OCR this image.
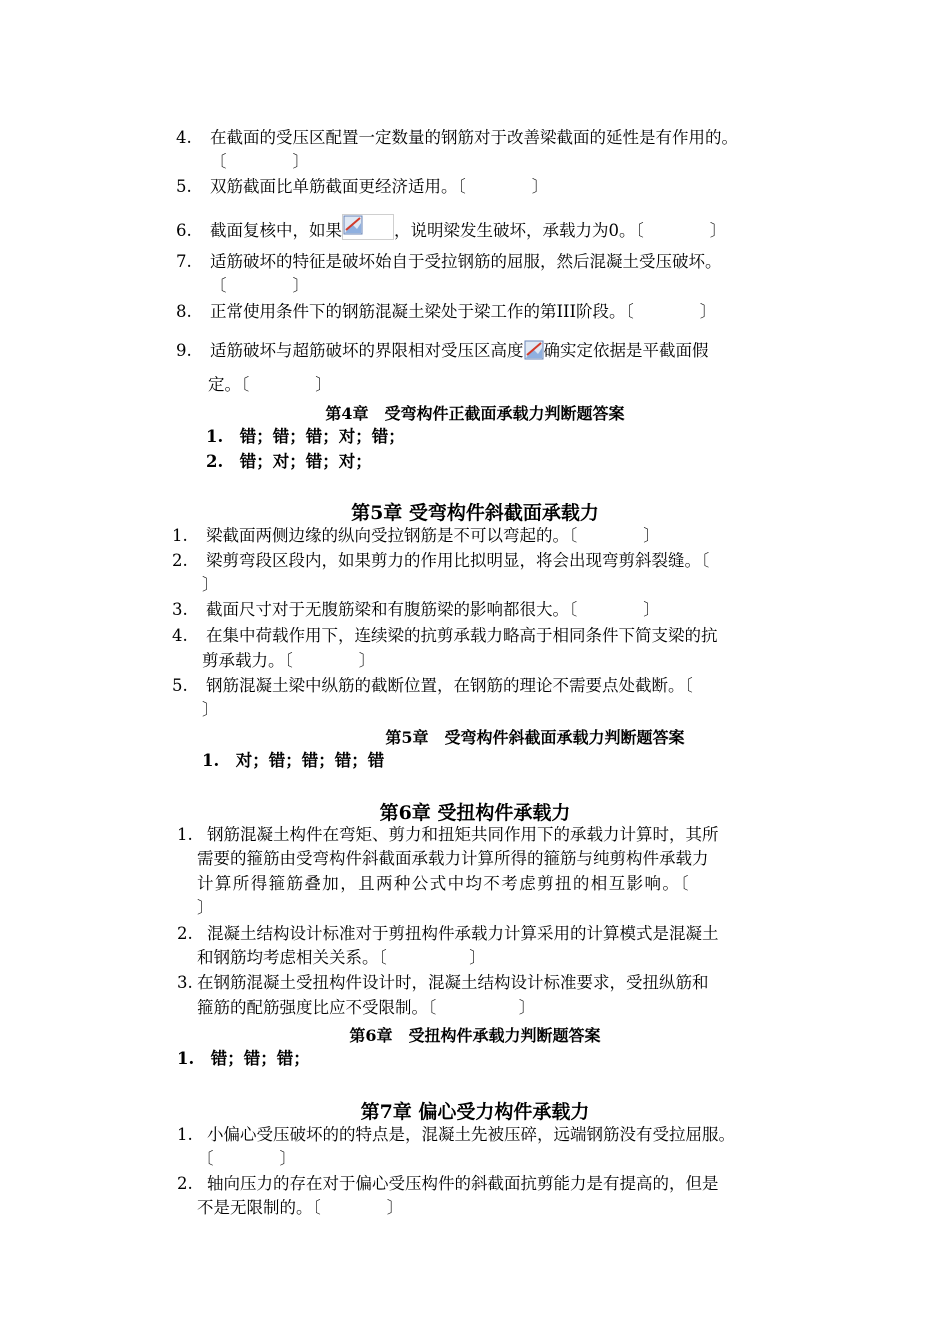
4. 在截面的受压区配置一定数量的钢筋对于改善梁截面的延性是有作用的。
〔　　　　〕
5. 双筋截面比单筋截面更经济适用。〔　　　　〕
6. 截面复核中，如果	，说明梁发生破坏，承载力为0。〔　　　　〕
7. 适筋破坏的特征是破坏始自于受拉钢筋的屈服，然后混凝土受压破坏。
〔　　　　〕
8. 正常使用条件下的钢筋混凝土梁处于梁工作的第III阶段。〔　　　　〕
9. 适筋破坏与超筋破坏的界限相对受压区高度 确实定依据是平截面假
定。〔　　　　〕
第4章　受弯构件正截面承载力判断题答案
1.　错；错；错；对；错；
2.　错；对；错；对；
第5章 受弯构件斜截面承载力
1. 梁截面两侧边缘的纵向受拉钢筋是不可以弯起的。〔　　　　〕
2. 梁剪弯段区段内，如果剪力的作用比拟明显，将会出现弯剪斜裂缝。〔
〕
3. 截面尺寸对于无腹筋梁和有腹筋梁的影响都很大。〔　　　　〕
4. 在集中荷载作用下，连续梁的抗剪承载力略高于相同条件下简支梁的抗
剪承载力。〔　　　　〕
5. 钢筋混凝土梁中纵筋的截断位置，在钢筋的理论不需要点处截断。〔
〕
第5章　受弯构件斜截面承载力判断题答案
1.　对；错；错；错；错
第6章 受扭构件承载力
1. 钢筋混凝土构件在弯矩、剪力和扭矩共同作用下的承载力计算时，其所
需要的箍筋由受弯构件斜截面承载力计算所得的箍筋与纯剪构件承载力
计算所得箍筋叠加，且两种公式中均不考虑剪扭的相互影响。〔
〕
2. 混凝土结构设计标准对于剪扭构件承载力计算采用的计算模式是混凝土
和钢筋均考虑相关关系。〔　　　　　〕
3. 在钢筋混凝土受扭构件设计时，混凝土结构设计标准要求，受扭纵筋和
箍筋的配筋强度比应不受限制。〔　　　　　〕
第6章　受扭构件承载力判断题答案
1.　错；错；错；
第7章 偏心受力构件承载力
1. 小偏心受压破坏的的特点是，混凝土先被压碎，远端钢筋没有受拉屈服。
〔　　　　〕
2. 轴向压力的存在对于偏心受压构件的斜截面抗剪能力是有提高的，但是
不是无限制的。〔　　　　〕
